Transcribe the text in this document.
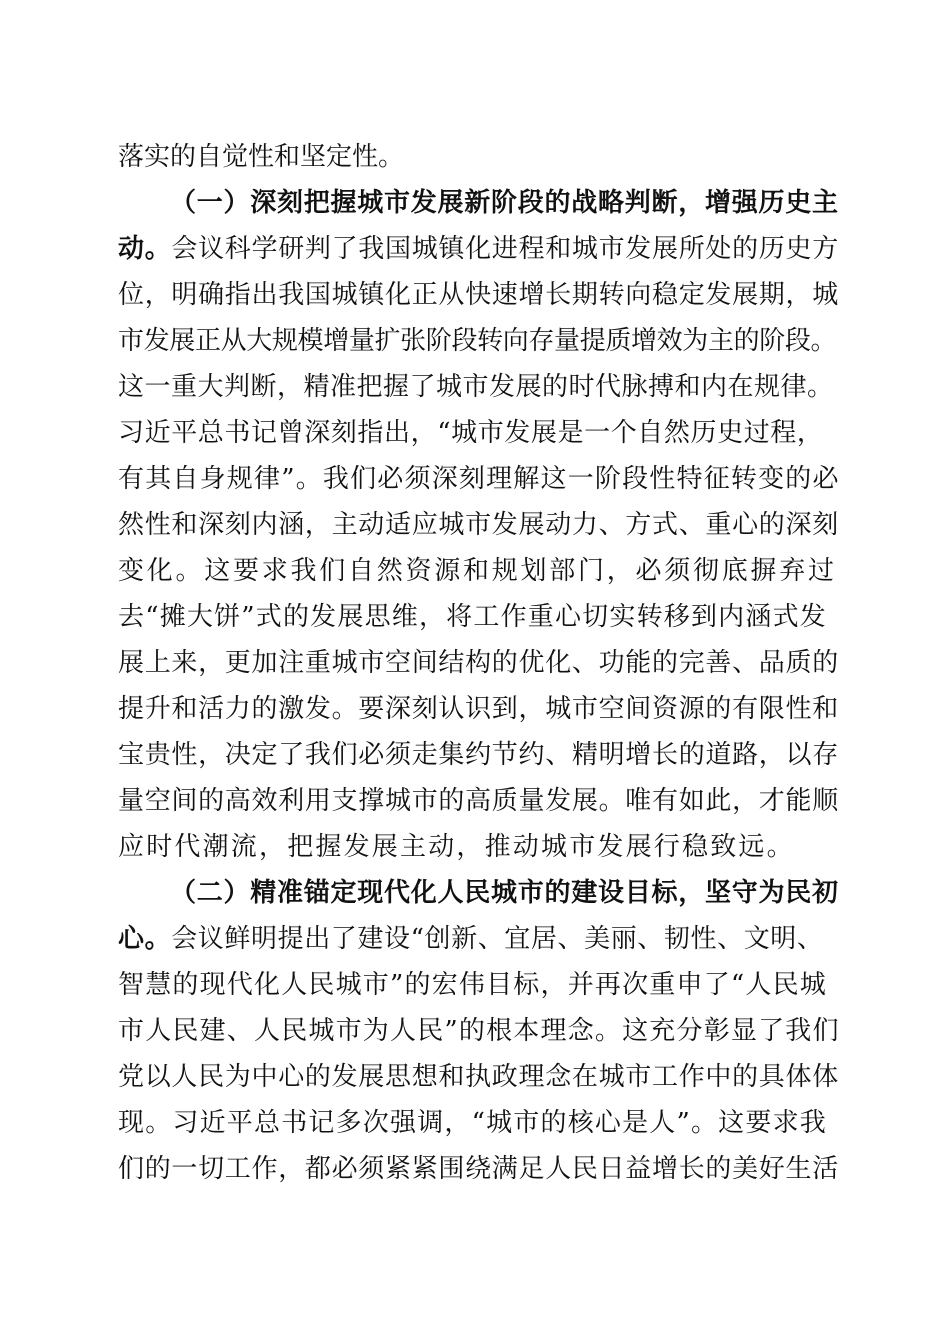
落实的自觉性和坚定性。
（一）深刻把握城市发展新阶段的战略判断，增强历史主
动。会议科学研判了我国城镇化进程和城市发展所处的历史方
位，明确指出我国城镇化正从快速增长期转向稳定发展期，城
市发展正从大规模增量扩张阶段转向存量提质增效为主的阶段。
这一重大判断，精准把握了城市发展的时代脉搏和内在规律。
习近平总书记曾深刻指出，“城市发展是一个自然历史过程，
有其自身规律”。我们必须深刻理解这一阶段性特征转变的必
然性和深刻内涵，主动适应城市发展动力、方式、重心的深刻
变化。这要求我们自然资源和规划部门，必须彻底摒弃过
去“摊大饼”式的发展思维，将工作重心切实转移到内涵式发
展上来，更加注重城市空间结构的优化、功能的完善、品质的
提升和活力的激发。要深刻认识到，城市空间资源的有限性和
宝贵性，决定了我们必须走集约节约、精明增长的道路，以存
量空间的高效利用支撑城市的高质量发展。唯有如此，才能顺
应时代潮流，把握发展主动，推动城市发展行稳致远。
（二）精准锚定现代化人民城市的建设目标，坚守为民初
心。会议鲜明提出了建设“创新、宜居、美丽、韧性、文明、
智慧的现代化人民城市”的宏伟目标，并再次重申了“人民城
市人民建、人民城市为人民”的根本理念。这充分彰显了我们
党以人民为中心的发展思想和执政理念在城市工作中的具体体
现。习近平总书记多次强调，“城市的核心是人”。这要求我
们的一切工作，都必须紧紧围绕满足人民日益增长的美好生活
